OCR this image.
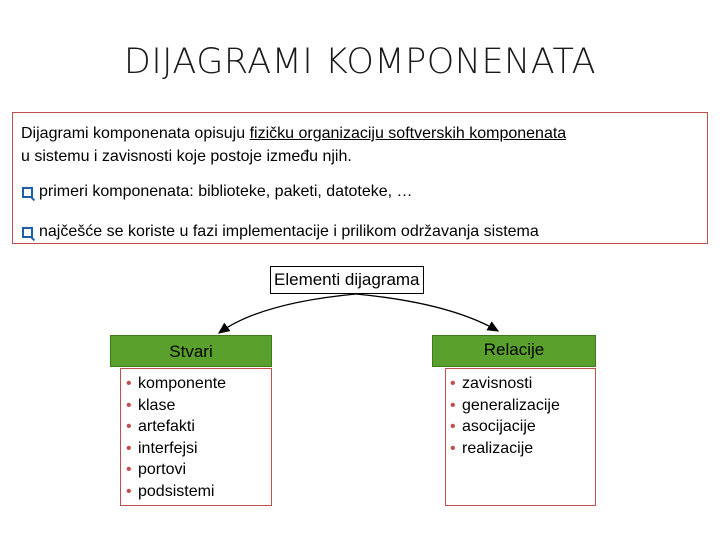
DIJAGRAMI KOMPONENATA
Dijagrami komponenata opisuju fizičku organizaciju softverskih komponenata
u sistemu i zavisnosti koje postoje između njih.
primeri komponenata: biblioteke, paketi, datoteke, …
najčešće se koriste u fazi implementacije i prilikom održavanja sistema
Elementi dijagrama
Stvari	Relacije
• komponente
• klase
• artefakti
• interfejsi
• portovi
• podsistemi
• zavisnosti
• generalizacije
• asocijacije
• realizacije
